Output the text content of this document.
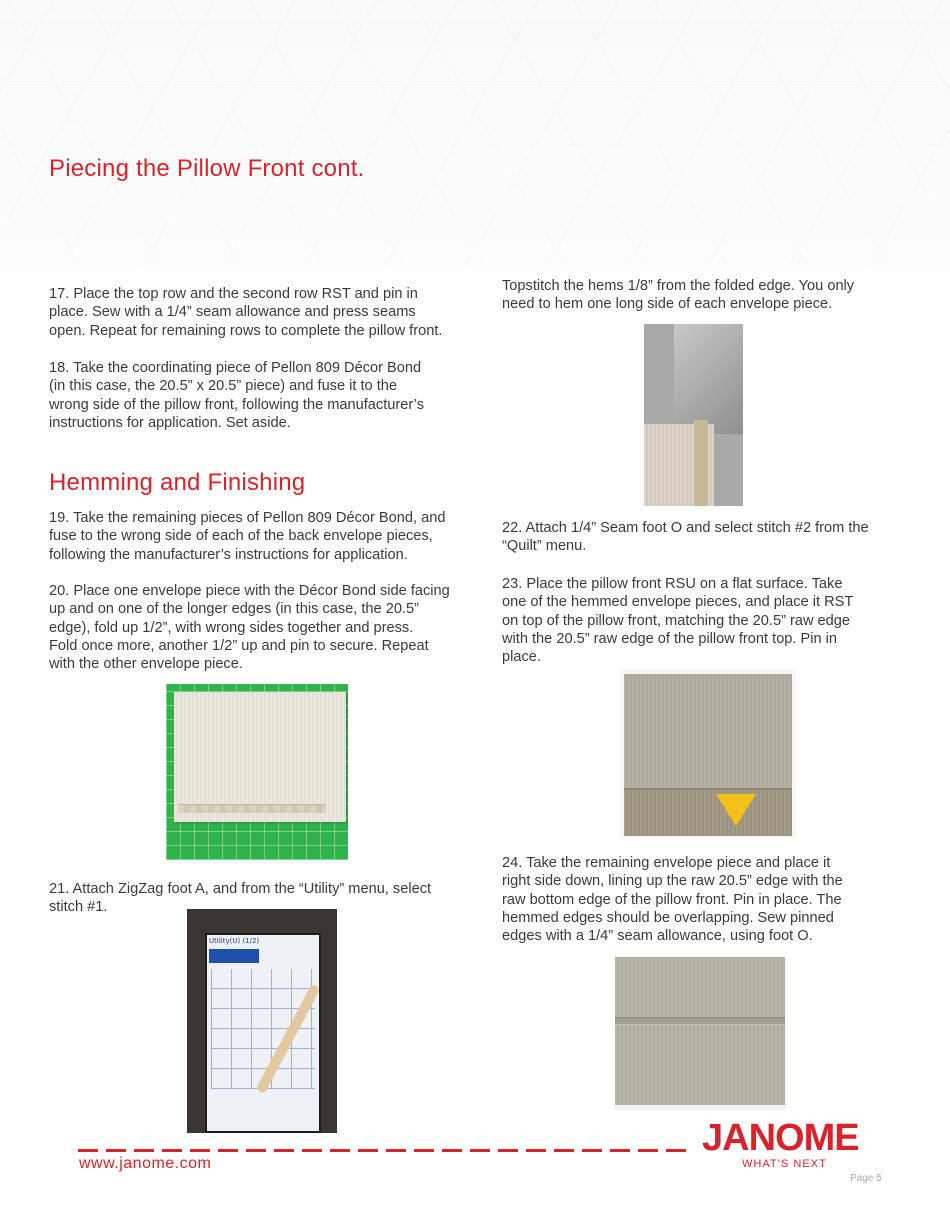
Piecing the Pillow Front cont.

17. Place the top row and the second row RST and pin in
place. Sew with a 1/4” seam allowance and press seams
open. Repeat for remaining rows to complete the pillow front.

18. Take the coordinating piece of Pellon 809 Décor Bond
(in this case, the 20.5” x 20.5” piece) and fuse it to the
wrong side of the pillow front, following the manufacturer’s
instructions for application. Set aside.

Hemming and Finishing

19. Take the remaining pieces of Pellon 809 Décor Bond, and
fuse to the wrong side of each of the back envelope pieces,
following the manufacturer’s instructions for application.

20. Place one envelope piece with the Décor Bond side facing
up and on one of the longer edges (in this case, the 20.5”
edge), fold up 1/2”, with wrong sides together and press.
Fold once more, another 1/2” up and pin to secure. Repeat
with the other envelope piece.

21. Attach ZigZag foot A, and from the “Utility” menu, select
stitch #1.

Utility(U) (1/2)

Topstitch the hems 1/8” from the folded edge. You only
need to hem one long side of each envelope piece.

22. Attach 1/4” Seam foot O and select stitch #2 from the
“Quilt” menu.

23. Place the pillow front RSU on a flat surface. Take
one of the hemmed envelope pieces, and place it RST
on top of the pillow front, matching the 20.5” raw edge
with the 20.5” raw edge of the pillow front top. Pin in
place.

24. Take the remaining envelope piece and place it
right side down, lining up the raw 20.5” edge with the
raw bottom edge of the pillow front. Pin in place. The
hemmed edges should be overlapping. Sew pinned
edges with a 1/4” seam allowance, using foot O.

www.janome.com

JANOME

WHAT’S NEXT

Page 5
